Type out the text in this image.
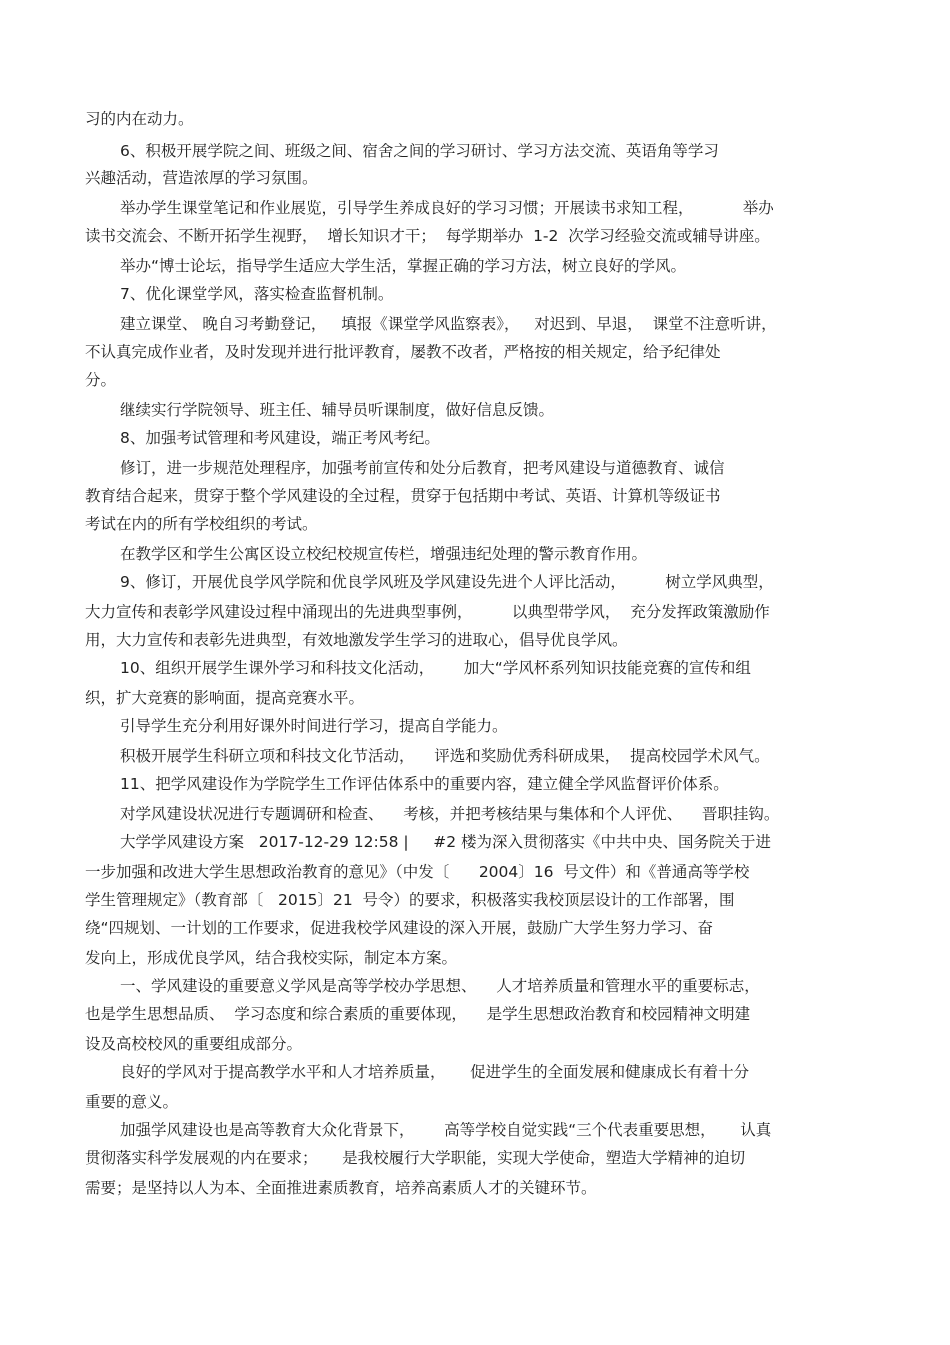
习的内在动力。

6、积极开展学院之间、班级之间、宿舍之间的学习研讨、学习方法交流、英语角等学习

兴趣活动，营造浓厚的学习氛围。

举办学生课堂笔记和作业展览，引导学生养成良好的学习习惯；开展读书求知工程，          举办

读书交流会、不断开拓学生视野，  增长知识才干；  每学期举办  1-2  次学习经验交流或辅导讲座。

举办“博士论坛，指导学生适应大学生活，掌握正确的学习方法，树立良好的学风。

7、优化课堂学风，落实检查监督机制。

建立课堂、 晚自习考勤登记，   填报《课堂学风监察表》，   对迟到、早退，  课堂不注意听讲，

不认真完成作业者，及时发现并进行批评教育，屡教不改者，严格按的相关规定，给予纪律处

分。

继续实行学院领导、班主任、辅导员听课制度，做好信息反馈。

8、加强考试管理和考风建设，端正考风考纪。

修订，进一步规范处理程序，加强考前宣传和处分后教育，把考风建设与道德教育、诚信

教育结合起来，贯穿于整个学风建设的全过程，贯穿于包括期中考试、英语、计算机等级证书

考试在内的所有学校组织的考试。

在教学区和学生公寓区设立校纪校规宣传栏，增强违纪处理的警示教育作用。

9、修订，开展优良学风学院和优良学风班及学风建设先进个人评比活动，        树立学风典型，

大力宣传和表彰学风建设过程中涌现出的先进典型事例，        以典型带学风，  充分发挥政策激励作

用，大力宣传和表彰先进典型，有效地激发学生学习的进取心，倡导优良学风。

10、组织开展学生课外学习和科技文化活动，      加大“学风杯系列知识技能竞赛的宣传和组

织，扩大竞赛的影响面，提高竞赛水平。

引导学生充分利用好课外时间进行学习，提高自学能力。

积极开展学生科研立项和科技文化节活动，    评选和奖励优秀科研成果，  提高校园学术风气。

11、把学风建设作为学院学生工作评估体系中的重要内容，建立健全学风监督评价体系。

对学风建设状况进行专题调研和检查、    考核，并把考核结果与集体和个人评优、    晋职挂钩。

大学学风建设方案   2017-12-29 12:58 |     #2 楼为深入贯彻落实《中共中央、国务院关于进

一步加强和改进大学生思想政治教育的意见》（中发〔      2004〕16  号文件）和《普通高等学校

学生管理规定》（教育部〔   2015〕21  号令）的要求，积极落实我校顶层设计的工作部署，围

绕“四规划、一计划的工作要求，促进我校学风建设的深入开展，鼓励广大学生努力学习、奋

发向上，形成优良学风，结合我校实际，制定本方案。

一、学风建设的重要意义学风是高等学校办学思想、    人才培养质量和管理水平的重要标志，

也是学生思想品质、  学习态度和综合素质的重要体现，    是学生思想政治教育和校园精神文明建

设及高校校风的重要组成部分。

良好的学风对于提高教学水平和人才培养质量，     促进学生的全面发展和健康成长有着十分

重要的意义。

加强学风建设也是高等教育大众化背景下，      高等学校自觉实践“三个代表重要思想，     认真

贯彻落实科学发展观的内在要求；     是我校履行大学职能，实现大学使命，塑造大学精神的迫切

需要；是坚持以人为本、全面推进素质教育，培养高素质人才的关键环节。
